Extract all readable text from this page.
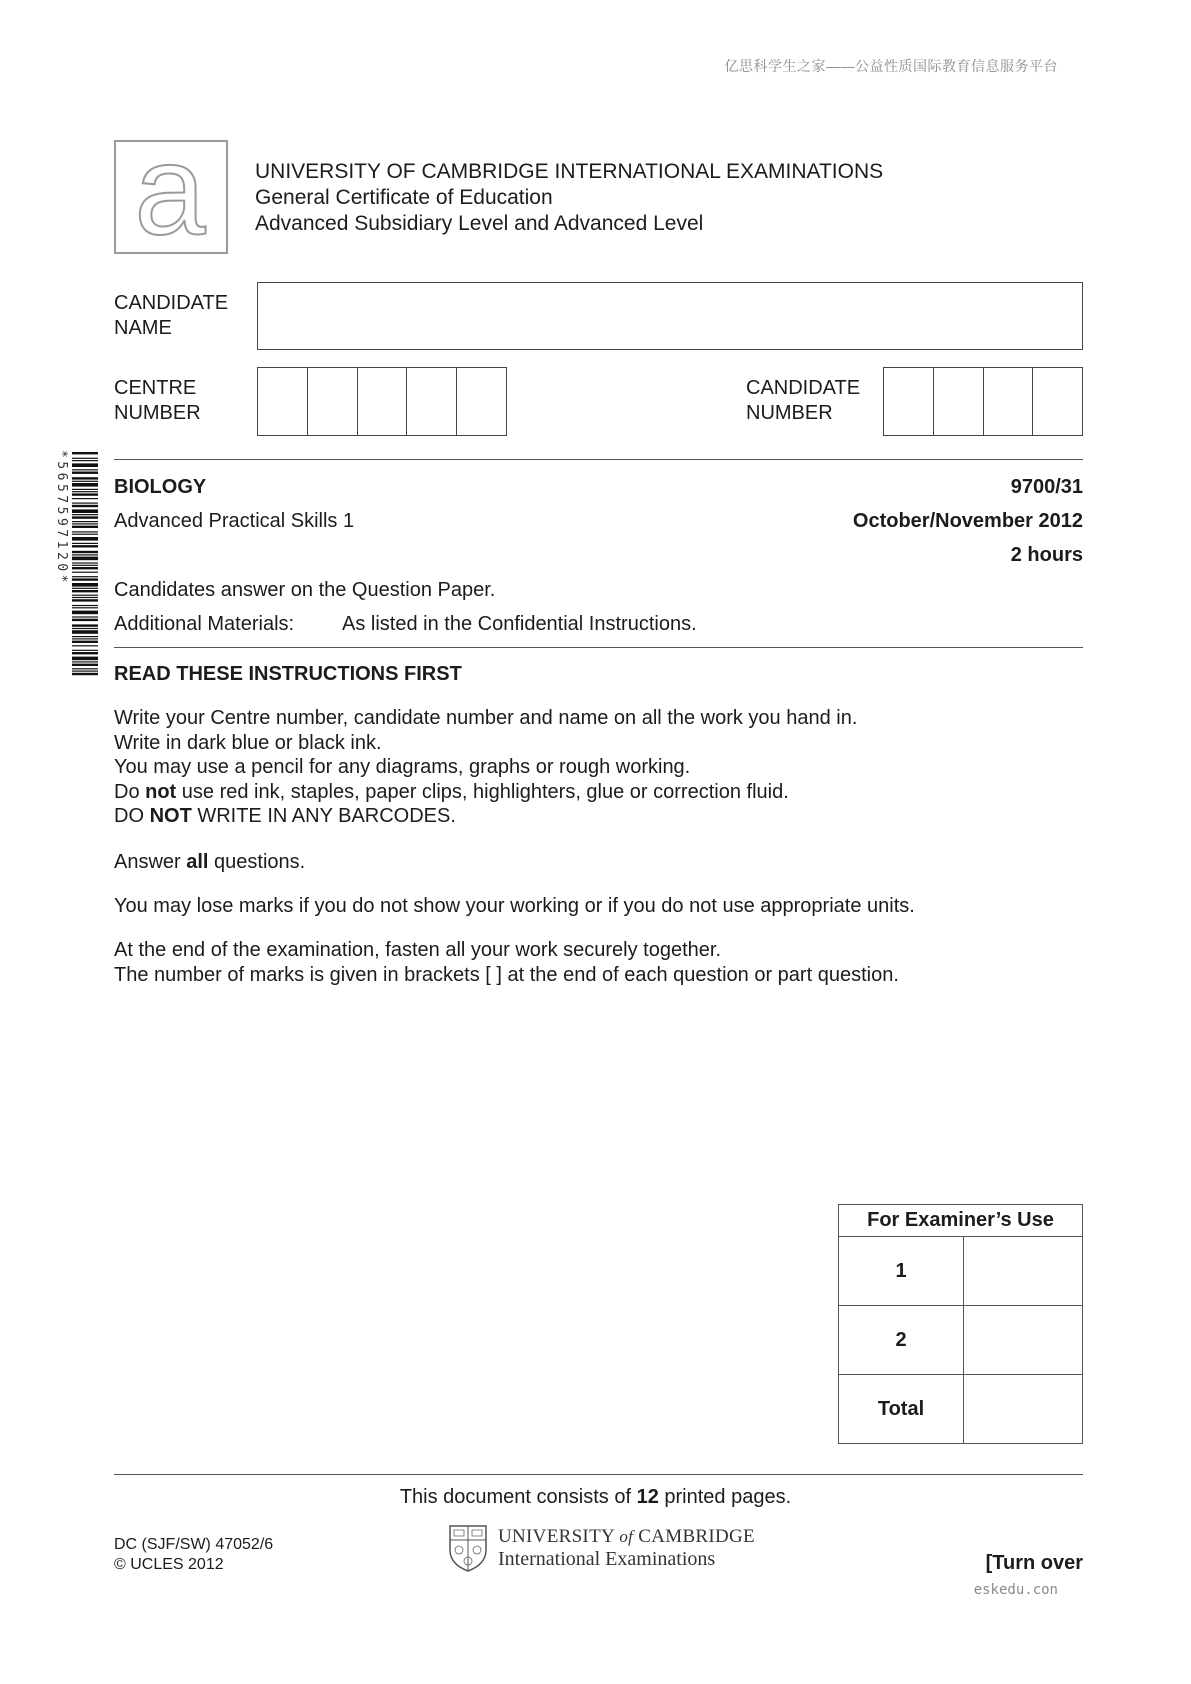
亿思科学生之家——公益性质国际教育信息服务平台
a UNIVERSITY OF CAMBRIDGE INTERNATIONAL EXAMINATIONS
General Certificate of Education
Advanced Subsidiary Level and Advanced Level
CANDIDATE
NAME
CENTRE
NUMBER
CANDIDATE
NUMBER
*5657597120* BIOLOGY	9700/31
Advanced Practical Skills 1	October/November 2012
2 hours
Candidates answer on the Question Paper.
Additional Materials: As listed in the Confidential Instructions.
READ THESE INSTRUCTIONS FIRST

Write your Centre number, candidate number and name on all the work you hand in.

Write in dark blue or black ink.

You may use a pencil for any diagrams, graphs or rough working.

Do not use red ink, staples, paper clips, highlighters, glue or correction fluid.

DO NOT WRITE IN ANY BARCODES.

Answer all questions.

You may lose marks if you do not show your working or if you do not use appropriate units.

At the end of the examination, fasten all your work securely together.

The number of marks is given in brackets [ ] at the end of each question or part question.

For Examiner’s Use	
1	
2	
Total	
This document consists of 12 printed pages.
DC (SJF/SW) 47052/6
© UCLES 2012
UNIVERSITY of CAMBRIDGE
International Examinations	[Turn over
eskedu.con
